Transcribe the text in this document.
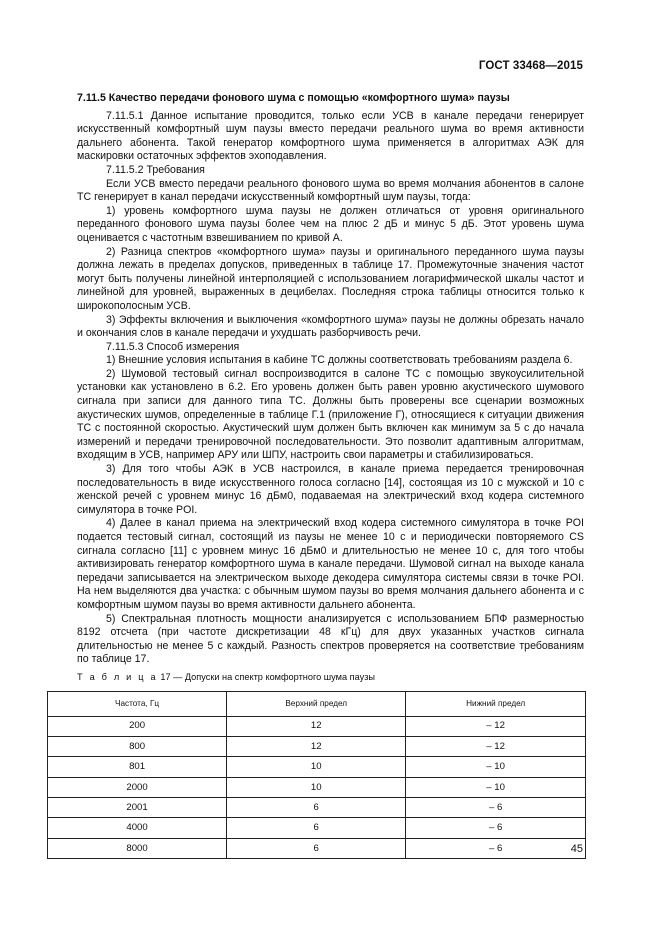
ГОСТ 33468—2015
7.11.5 Качество передачи фонового шума с помощью «комфортного шума» паузы

7.11.5.1 Данное испытание проводится, только если УСВ в канале передачи генерирует искусственный комфортный шум паузы вместо передачи реального шума во время активности дальнего абонента. Такой генератор комфортного шума применяется в алгоритмах АЭК для маскировки остаточных эффектов эхоподавления.

7.11.5.2 Требования

Если УСВ вместо передачи реального фонового шума во время молчания абонентов в салоне ТС генерирует в канал передачи искусственный комфортный шум паузы, тогда:

1) уровень комфортного шума паузы не должен отличаться от уровня оригинального переданного фонового шума паузы более чем на плюс 2 дБ и минус 5 дБ. Этот уровень шума оценивается с частотным взвешиванием по кривой А.

2) Разница спектров «комфортного шума» паузы и оригинального переданного шума паузы должна лежать в пределах допусков, приведенных в таблице 17. Промежуточные значения частот могут быть получены линейной интерполяцией с использованием логарифмической шкалы частот и линейной для уровней, выраженных в децибелах. Последняя строка таблицы относится только к широкополосным УСВ.

3) Эффекты включения и выключения «комфортного шума» паузы не должны обрезать начало и окончания слов в канале передачи и ухудшать разборчивость речи.

7.11.5.3 Способ измерения

1) Внешние условия испытания в кабине ТС должны соответствовать требованиям раздела 6.

2) Шумовой тестовый сигнал воспроизводится в салоне ТС с помощью звукоусилительной установки как установлено в 6.2. Его уровень должен быть равен уровню акустического шумового сигнала при записи для данного типа ТС. Должны быть проверены все сценарии возможных акустических шумов, определенные в таблице Г.1 (приложение Г), относящиеся к ситуации движения ТС с постоянной скоростью. Акустический шум должен быть включен как минимум за 5 с до начала измерений и передачи тренировочной последовательности. Это позволит адаптивным алгоритмам, входящим в УСВ, например АРУ или ШПУ, настроить свои параметры и стабилизироваться.

3) Для того чтобы АЭК в УСВ настроился, в канале приема передается тренировочная последовательность в виде искусственного голоса согласно [14], состоящая из 10 с мужской и 10 с женской речей с уровнем минус 16 дБм0, подаваемая на электрический вход кодера системного симулятора в точке POI.

4) Далее в канал приема на электрический вход кодера системного симулятора в точке POI подается тестовый сигнал, состоящий из паузы не менее 10 с и периодически повторяемого CS сигнала согласно [11] с уровнем минус 16 дБм0 и длительностью не менее 10 с, для того чтобы активизировать генератор комфортного шума в канале передачи. Шумовой сигнал на выходе канала передачи записывается на электрическом выходе декодера симулятора системы связи в точке POI. На нем выделяются два участка: с обычным шумом паузы во время молчания дальнего абонента и с комфортным шумом паузы во время активности дальнего абонента.

5) Спектральная плотность мощности анализируется с использованием БПФ размерностью 8192 отсчета (при частоте дискретизации 48 кГц) для двух указанных участков сигнала длительностью не менее 5 с каждый. Разность спектров проверяется на соответствие требованиям по таблице 17.

Т а б л и ц а 17 — Допуски на спектр комфортного шума паузы
Частота, Гц	Верхний предел	Нижний предел
200	12	– 12
800	12	– 12
801	10	– 10
2000	10	– 10
2001	6	– 6
4000	6	– 6
8000	6	– 6	45
